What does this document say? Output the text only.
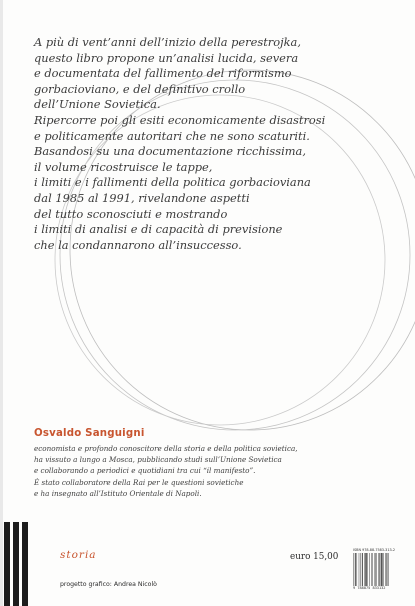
A più di vent’anni dell’inizio della perestrojka,
questo libro propone un’analisi lucida, severa
e documentata del fallimento del riformismo
gorbacioviano, e del definitivo crollo
dell’Unione Sovietica.
Ripercorre poi gli esiti economicamente disastrosi
e politicamente autoritari che ne sono scaturiti.
Basandosi su una documentazione ricchissima,
il volume ricostruisce le tappe,
i limiti e i fallimenti della politica gorbacioviana
dal 1985 al 1991, rivelandone aspetti
del tutto sconosciuti e mostrando
i limiti di analisi e di capacità di previsione
che la condannarono all’insuccesso.

Osvaldo Sanguigni

economista e profondo conoscitore della storia e della politica sovietica,
ha vissuto a lungo a Mosca, pubblicando studi sull’Unione Sovietica
e collaborando a periodici e quotidiani tra cui “il manifesto”.
È stato collaboratore della Rai per le questioni sovietiche
e ha insegnato all’Istituto Orientale di Napoli.

storia

progetto grafico: Andrea Nicolò

euro 15,00

ISBN 978-88-7583-313-2

9 788875 833132
